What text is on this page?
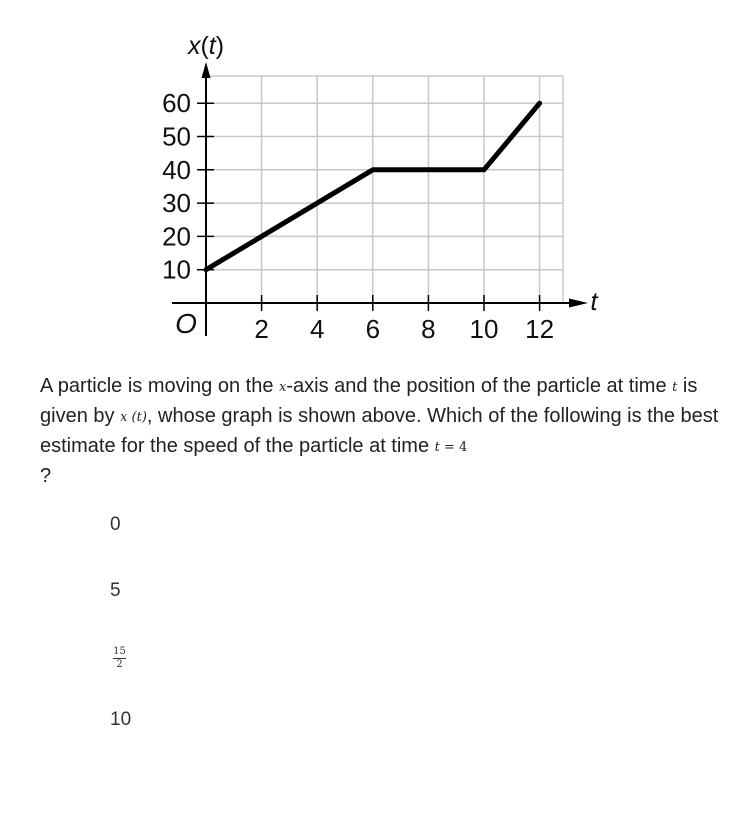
2 4 6 8 10 12
10
20
30
40
50
60
O
t
x(t)
A particle is moving on the x-axis and the position of the particle at time t is given by x (t), whose graph is shown above. Which of the following is the best estimate for the speed of the particle at time t = 4
?
0
5
$\frac{15}{2}$
10
